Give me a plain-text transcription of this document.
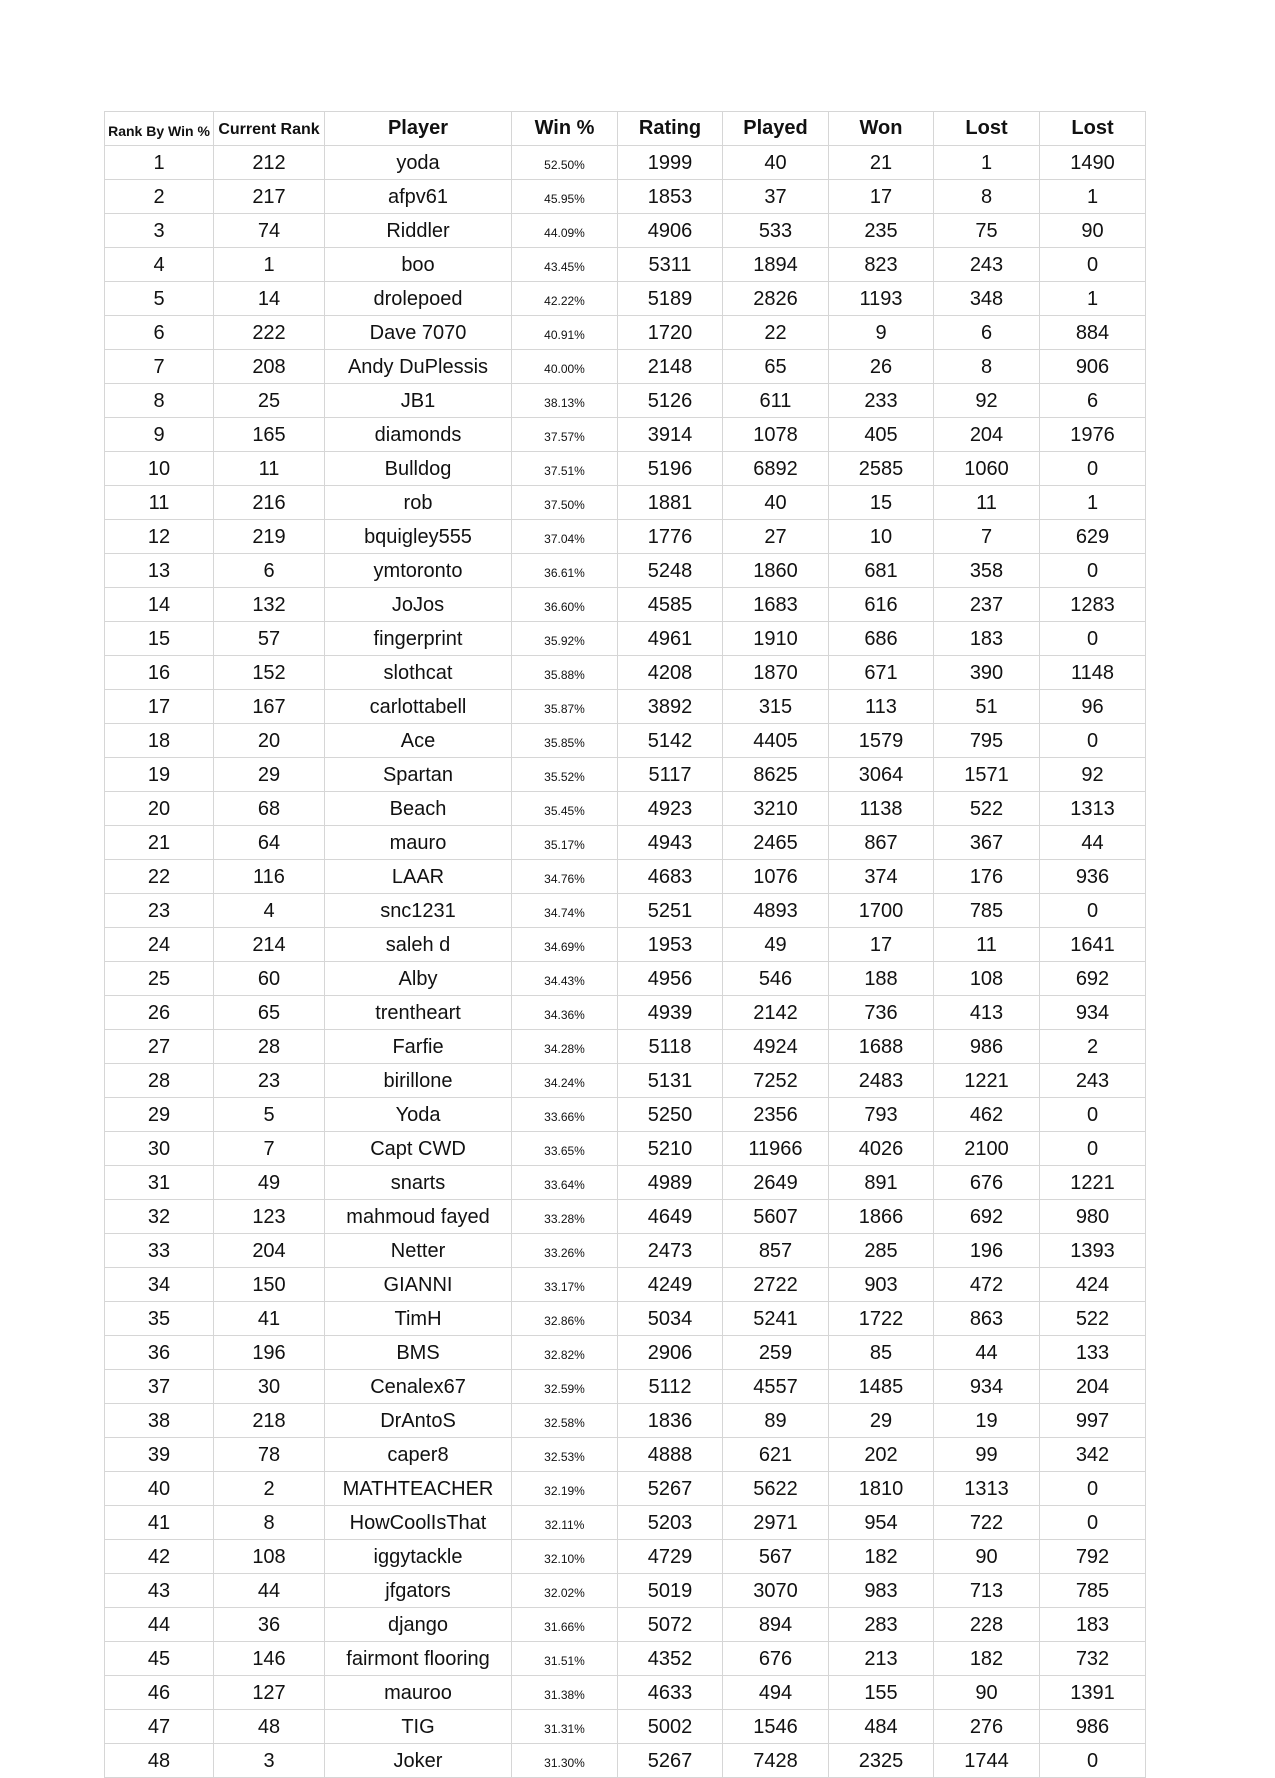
Rank By Win %	Current Rank	Player	Win %	Rating	Played	Won	Lost	Lost
1	212	yoda	52.50%	1999	40	21	1	1490
2	217	afpv61	45.95%	1853	37	17	8	1
3	74	Riddler	44.09%	4906	533	235	75	90
4	1	boo	43.45%	5311	1894	823	243	0
5	14	drolepoed	42.22%	5189	2826	1193	348	1
6	222	Dave 7070	40.91%	1720	22	9	6	884
7	208	Andy DuPlessis	40.00%	2148	65	26	8	906
8	25	JB1	38.13%	5126	611	233	92	6
9	165	diamonds	37.57%	3914	1078	405	204	1976
10	11	Bulldog	37.51%	5196	6892	2585	1060	0
11	216	rob	37.50%	1881	40	15	11	1
12	219	bquigley555	37.04%	1776	27	10	7	629
13	6	ymtoronto	36.61%	5248	1860	681	358	0
14	132	JoJos	36.60%	4585	1683	616	237	1283
15	57	fingerprint	35.92%	4961	1910	686	183	0
16	152	slothcat	35.88%	4208	1870	671	390	1148
17	167	carlottabell	35.87%	3892	315	113	51	96
18	20	Ace	35.85%	5142	4405	1579	795	0
19	29	Spartan	35.52%	5117	8625	3064	1571	92
20	68	Beach	35.45%	4923	3210	1138	522	1313
21	64	mauro	35.17%	4943	2465	867	367	44
22	116	LAAR	34.76%	4683	1076	374	176	936
23	4	snc1231	34.74%	5251	4893	1700	785	0
24	214	saleh d	34.69%	1953	49	17	11	1641
25	60	Alby	34.43%	4956	546	188	108	692
26	65	trentheart	34.36%	4939	2142	736	413	934
27	28	Farfie	34.28%	5118	4924	1688	986	2
28	23	birillone	34.24%	5131	7252	2483	1221	243
29	5	Yoda	33.66%	5250	2356	793	462	0
30	7	Capt CWD	33.65%	5210	11966	4026	2100	0
31	49	snarts	33.64%	4989	2649	891	676	1221
32	123	mahmoud fayed	33.28%	4649	5607	1866	692	980
33	204	Netter	33.26%	2473	857	285	196	1393
34	150	GIANNI	33.17%	4249	2722	903	472	424
35	41	TimH	32.86%	5034	5241	1722	863	522
36	196	BMS	32.82%	2906	259	85	44	133
37	30	Cenalex67	32.59%	5112	4557	1485	934	204
38	218	DrAntoS	32.58%	1836	89	29	19	997
39	78	caper8	32.53%	4888	621	202	99	342
40	2	MATHTEACHER	32.19%	5267	5622	1810	1313	0
41	8	HowCoolIsThat	32.11%	5203	2971	954	722	0
42	108	iggytackle	32.10%	4729	567	182	90	792
43	44	jfgators	32.02%	5019	3070	983	713	785
44	36	django	31.66%	5072	894	283	228	183
45	146	fairmont flooring	31.51%	4352	676	213	182	732
46	127	mauroo	31.38%	4633	494	155	90	1391
47	48	TIG	31.31%	5002	1546	484	276	986
48	3	Joker	31.30%	5267	7428	2325	1744	0
